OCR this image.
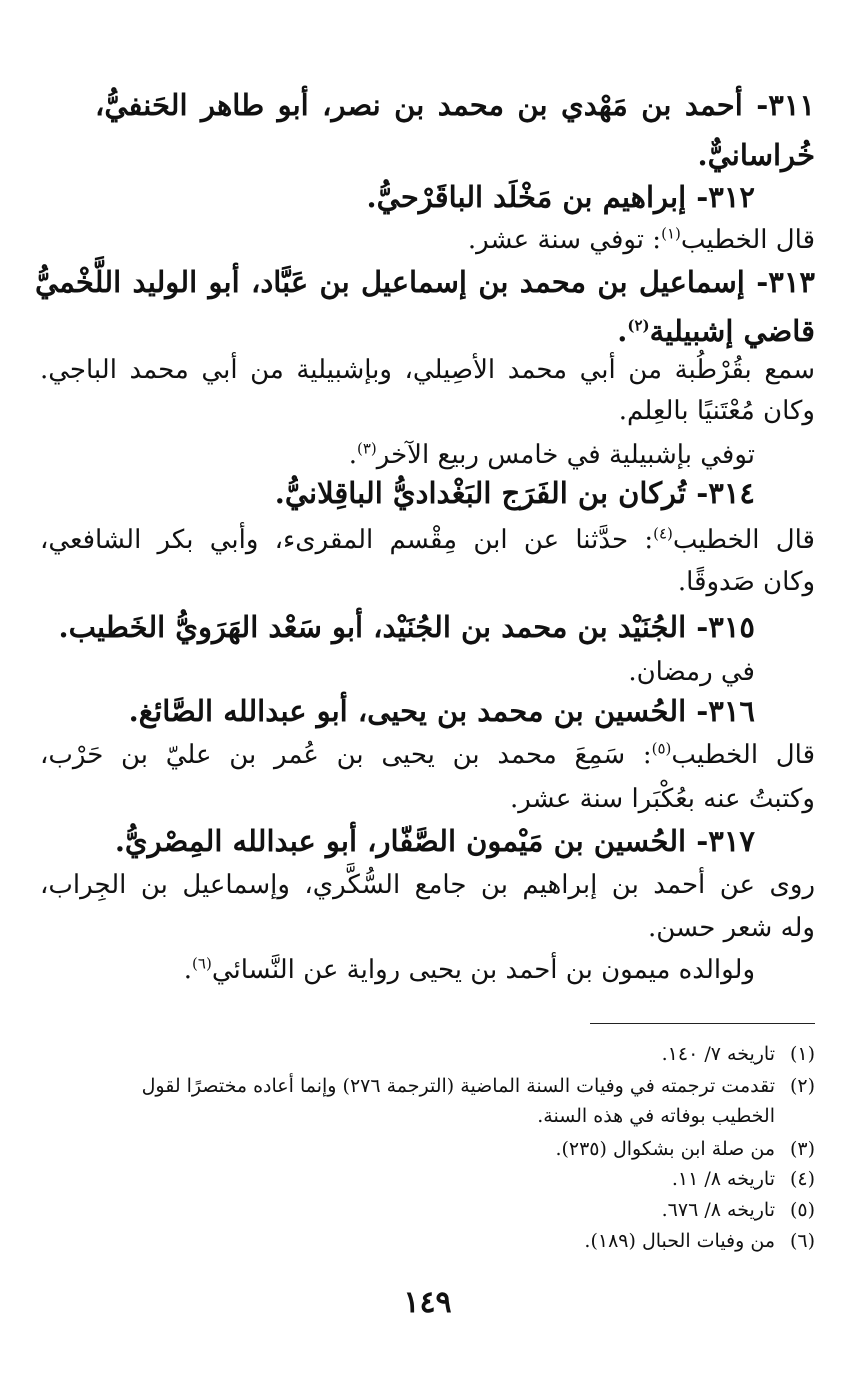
٣١١- أحمد بن مَهْدي بن محمد بن نصر، أبو طاهر الحَنفيُّ،
خُراسانيٌّ.
٣١٢- إبراهيم بن مَخْلَد الباقَرْحيُّ.
قال الخطيب$^{(١)}$: توفي سنة عشر.
٣١٣- إسماعيل بن محمد بن إسماعيل بن عَبَّاد، أبو الوليد اللَّخْميُّ
قاضي إشبيلية$^{(٢)}$.
سمع بقُرْطُبة من أبي محمد الأصِيلي، وبإشبيلية من أبي محمد الباجي.
وكان مُعْتَنيًا بالعِلم.
توفي بإشبيلية في خامس ربيع الآخر$^{(٣)}$.
٣١٤- تُركان بن الفَرَج البَغْداديُّ الباقِلانيُّ.
قال الخطيب$^{(٤)}$: حدَّثنا عن ابن مِقْسم المقرىء، وأبي بكر الشافعي،
وكان صَدوقًا.
٣١٥- الجُنَيْد بن محمد بن الجُنَيْد، أبو سَعْد الهَرَويُّ الخَطيب.
في رمضان.
٣١٦- الحُسين بن محمد بن يحيى، أبو عبدالله الصَّائغ.
قال الخطيب$^{(٥)}$: سَمِعَ محمد بن يحيى بن عُمر بن عليّ بن حَرْب،
وكتبتُ عنه بعُكْبَرا سنة عشر.
٣١٧- الحُسين بن مَيْمون الصَّفّار، أبو عبدالله المِصْريُّ.
روى عن أحمد بن إبراهيم بن جامع السُّكَّري، وإسماعيل بن الجِراب،
وله شعر حسن.
ولوالده ميمون بن أحمد بن يحيى رواية عن النَّسائي$^{(٦)}$.
(١)تاريخه ٧/ ١٤٠.
(٢)تقدمت ترجمته في وفيات السنة الماضية (الترجمة ٢٧٦) وإنما أعاده مختصرًا لقول
الخطيب بوفاته في هذه السنة.
(٣)من صلة ابن بشكوال (٢٣٥).
(٤)تاريخه ٨/ ١١.
(٥)تاريخه ٨/ ٦٧٦.
(٦)من وفيات الحبال (١٨٩).
١٤٩
